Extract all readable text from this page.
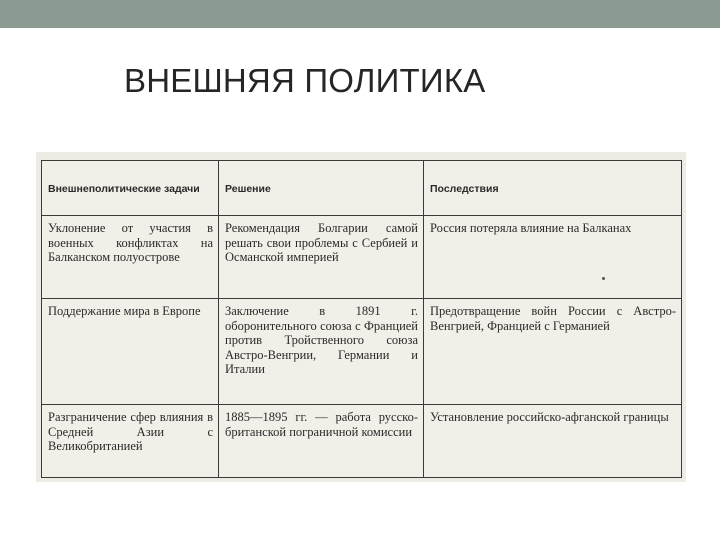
ВНЕШНЯЯ ПОЛИТИКА
Внешнеполитические задачи	Решение	Последствия
Уклонение от участия в военных конфликтах на Балканском полуострове	Рекомендация Болгарии самой решать свои проблемы с Сербией и Османской империей	Россия потеряла влияние на Балканах
Поддержание мира в Европе	Заключение в 1891 г. оборонительного союза с Францией против Тройственного союза Австро-Венгрии, Германии и Италии	Предотвращение войн России с Австро-Венгрией, Францией с Германией
Разграничение сфер влияния в Средней Азии с Великобританией	1885—1895 гг. — работа русско-британской пограничной комиссии	Установление российско-афганской границы
